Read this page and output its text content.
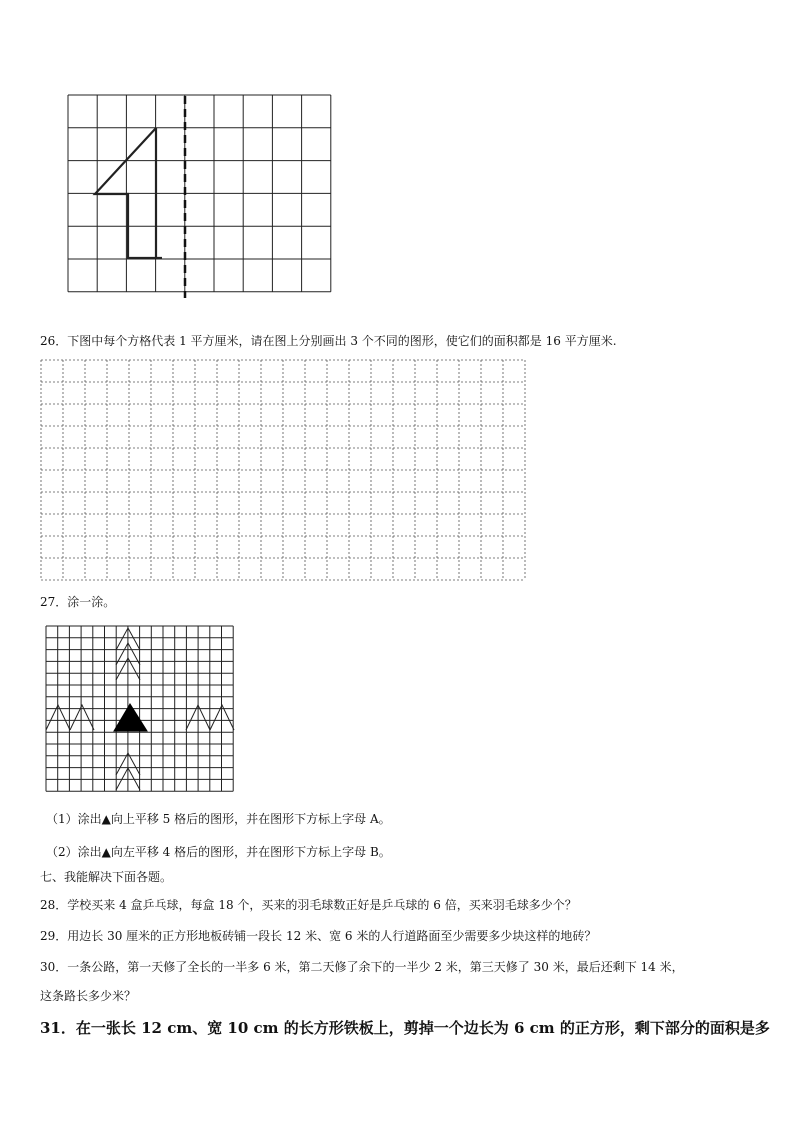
26．下图中每个方格代表 1 平方厘米，请在图上分别画出 3 个不同的图形，使它们的面积都是 16 平方厘米.
27．涂一涂。
（1）涂出▲向上平移 5 格后的图形，并在图形下方标上字母 A。
（2）涂出▲向左平移 4 格后的图形，并在图形下方标上字母 B。
七、我能解决下面各题。
28．学校买来 4 盒乒乓球，每盒 18 个，买来的羽毛球数正好是乒乓球的 6 倍，买来羽毛球多少个？
29．用边长 30 厘米的正方形地板砖铺一段长 12 米、宽 6 米的人行道路面至少需要多少块这样的地砖？
30．一条公路，第一天修了全长的一半多 6 米，第二天修了余下的一半少 2 米，第三天修了 30 米，最后还剩下 14 米，
这条路长多少米？
31．在一张长 12 cm、宽 10 cm 的长方形铁板上，剪掉一个边长为 6 cm 的正方形，剩下部分的面积是多
